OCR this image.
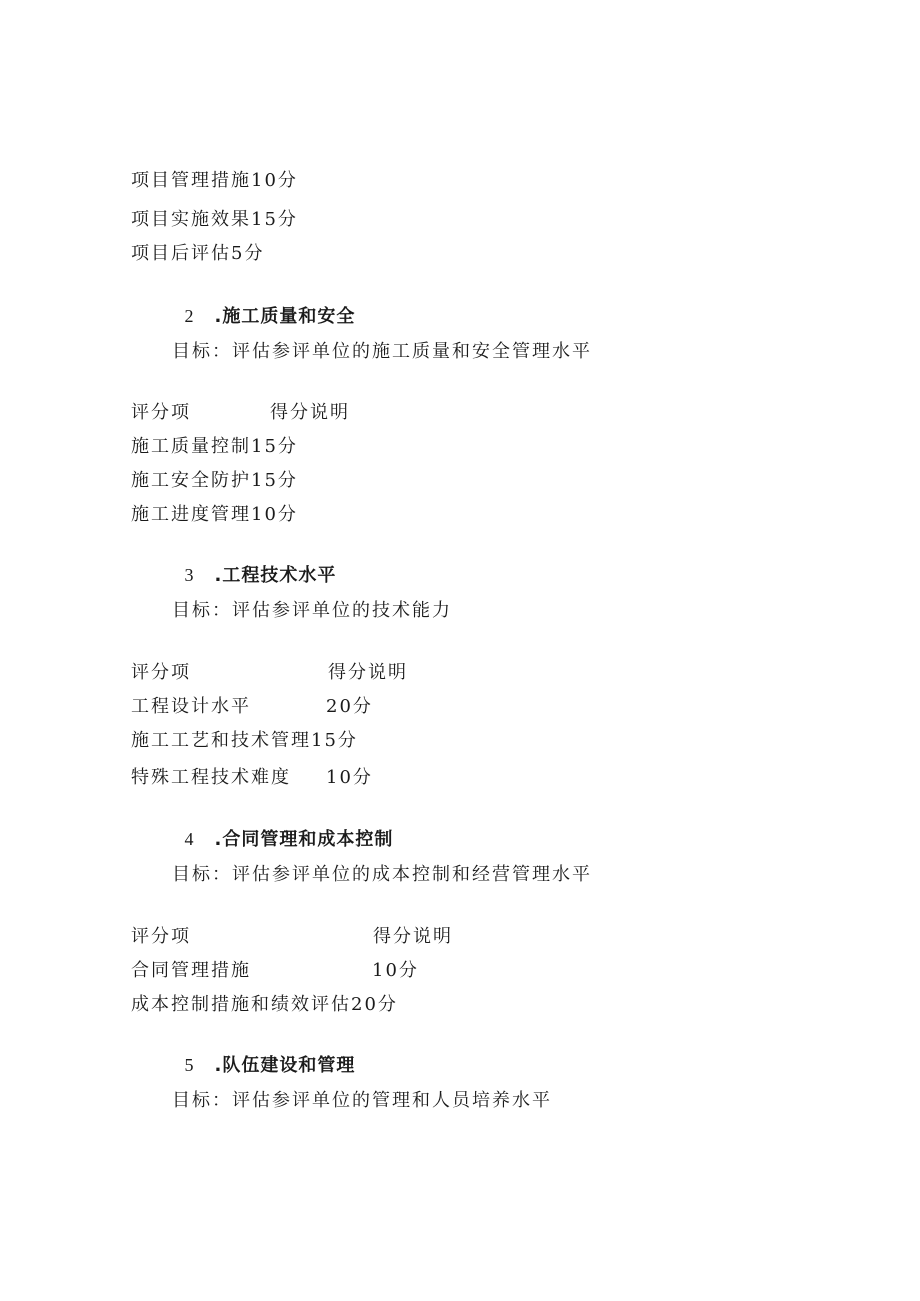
项目管理措施10分
项目实施效果15分
项目后评估5分

2 .施工质量和安全

目标：评估参评单位的施工质量和安全管理水平
评分项	得分说明
施工质量控制15分
施工安全防护15分
施工进度管理10分

3 .工程技术水平

目标：评估参评单位的技术能力
评分项	得分说明
工程设计水平	20分
施工工艺和技术管理15分
特殊工程技术难度 10分

4 .合同管理和成本控制

目标：评估参评单位的成本控制和经营管理水平
评分项	得分说明
合同管理措施	10分
成本控制措施和绩效评估20分

5 .队伍建设和管理

目标：评估参评单位的管理和人员培养水平
